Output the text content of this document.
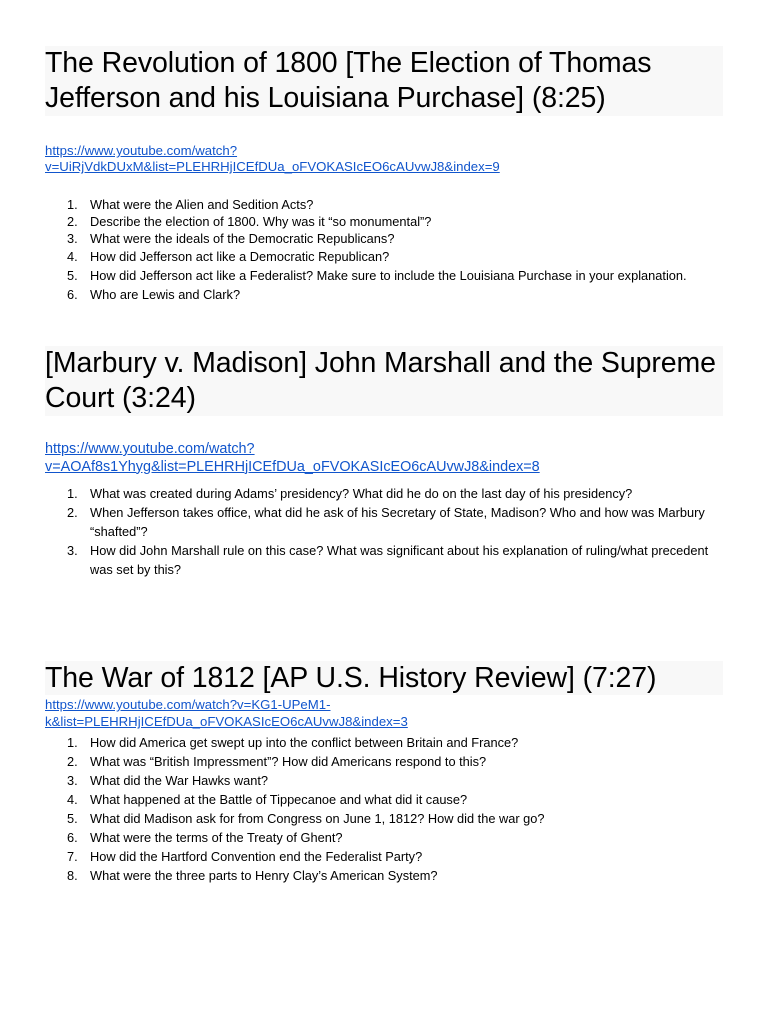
The Revolution of 1800 [The Election of Thomas Jefferson and his Louisiana Purchase] (8:25)
https://www.youtube.com/watch?
v=UiRjVdkDUxM&list=PLEHRHjICEfDUa_oFVOKASIcEO6cAUvwJ8&index=9
1. What were the Alien and Sedition Acts?
2. Describe the election of 1800. Why was it “so monumental”?
3. What were the ideals of the Democratic Republicans?
4. How did Jefferson act like a Democratic Republican?
5. How did Jefferson act like a Federalist? Make sure to include the Louisiana Purchase in your explanation.
6. Who are Lewis and Clark?
[Marbury v. Madison] John Marshall and the Supreme Court (3:24)
https://www.youtube.com/watch?
v=AOAf8s1Yhyg&list=PLEHRHjICEfDUa_oFVOKASIcEO6cAUvwJ8&index=8
1. What was created during Adams’ presidency? What did he do on the last day of his presidency?
2. When Jefferson takes office, what did he ask of his Secretary of State, Madison? Who and how was Marbury “shafted”?
3. How did John Marshall rule on this case? What was significant about his explanation of ruling/what precedent was set by this?
The War of 1812 [AP U.S. History Review] (7:27)
https://www.youtube.com/watch?v=KG1-UPeM1-
k&list=PLEHRHjICEfDUa_oFVOKASIcEO6cAUvwJ8&index=3
1. How did America get swept up into the conflict between Britain and France?
2. What was “British Impressment”? How did Americans respond to this?
3. What did the War Hawks want?
4. What happened at the Battle of Tippecanoe and what did it cause?
5. What did Madison ask for from Congress on June 1, 1812? How did the war go?
6. What were the terms of the Treaty of Ghent?
7. How did the Hartford Convention end the Federalist Party?
8. What were the three parts to Henry Clay’s American System?
